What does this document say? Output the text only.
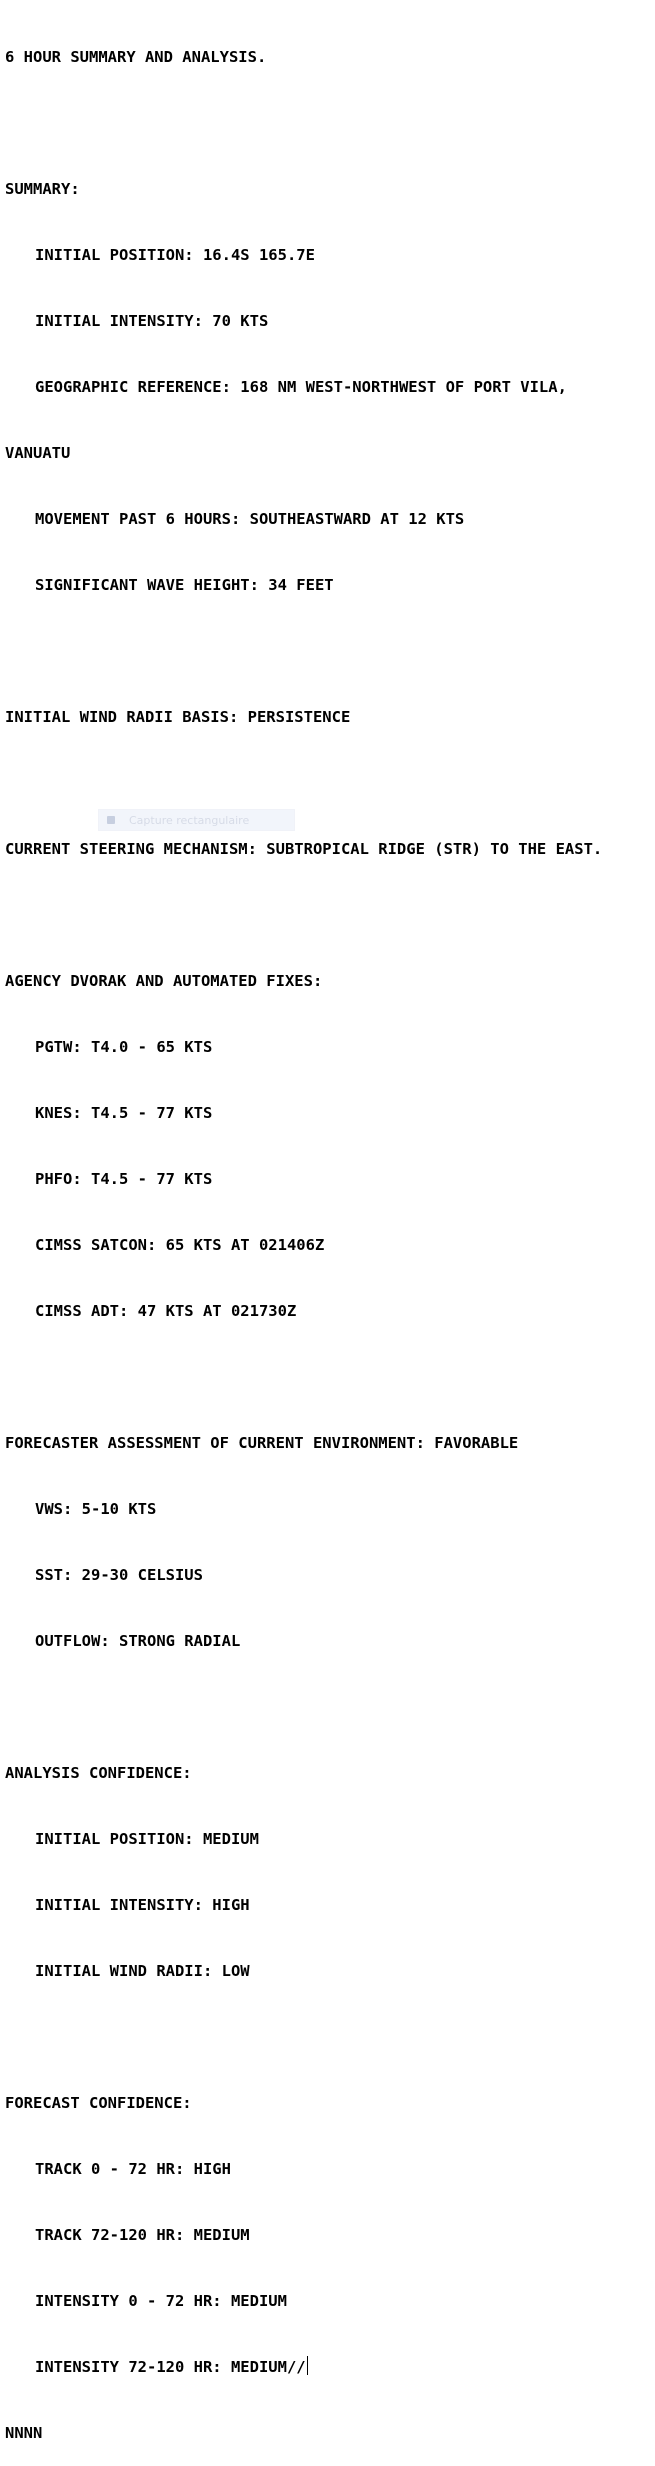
6 HOUR SUMMARY AND ANALYSIS.

SUMMARY:

INITIAL POSITION: 16.4S 165.7E

INITIAL INTENSITY: 70 KTS

GEOGRAPHIC REFERENCE: 168 NM WEST-NORTHWEST OF PORT VILA,

VANUATU

MOVEMENT PAST 6 HOURS: SOUTHEASTWARD AT 12 KTS

SIGNIFICANT WAVE HEIGHT: 34 FEET

INITIAL WIND RADII BASIS: PERSISTENCE

CURRENT STEERING MECHANISM: SUBTROPICAL RIDGE (STR) TO THE EAST.

AGENCY DVORAK AND AUTOMATED FIXES:

PGTW: T4.0 - 65 KTS

KNES: T4.5 - 77 KTS

PHFO: T4.5 - 77 KTS

CIMSS SATCON: 65 KTS AT 021406Z

CIMSS ADT: 47 KTS AT 021730Z

FORECASTER ASSESSMENT OF CURRENT ENVIRONMENT: FAVORABLE

VWS: 5-10 KTS

SST: 29-30 CELSIUS

OUTFLOW: STRONG RADIAL

ANALYSIS CONFIDENCE:

INITIAL POSITION: MEDIUM

INITIAL INTENSITY: HIGH

INITIAL WIND RADII: LOW

FORECAST CONFIDENCE:

TRACK 0 - 72 HR: HIGH

TRACK 72-120 HR: MEDIUM

INTENSITY 0 - 72 HR: MEDIUM

INTENSITY 72-120 HR: MEDIUM//

NNNN

Capture rectangulaire
